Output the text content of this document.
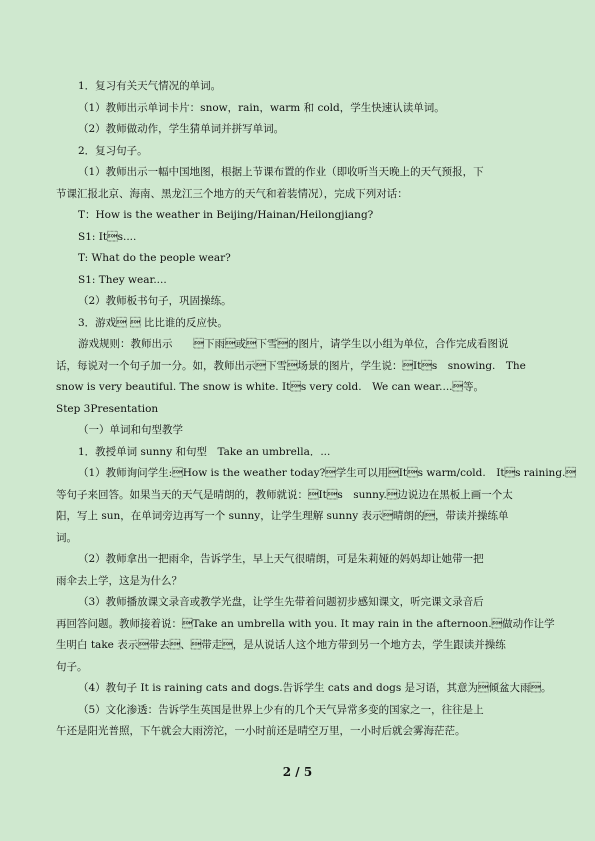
1．复习有关天气情况的单词。

（1）教师出示单词卡片：snow，rain，warm 和 cold，学生快速认读单词。

（2）教师做动作，学生猜单词并拼写单词。

2．复习句子。

（1）教师出示一幅中国地图，根据上节课布置的作业（即收听当天晚上的天气预报，下

节课汇报北京、海南、黑龙江三个地方的天气和着装情况），完成下列对话：

T：How is the weather in Beijing/Hainan/Heilongjiang?

S1: Its....

T: What do the people wear?

S1: They wear....

（2）教师板书句子，巩固操练。

3．游戏  比比谁的反应快。

游戏规则：教师出示　　下雨或下雪的图片，请学生以小组为单位，合作完成看图说

话，每说对一个句子加一分。如，教师出示下雪场景的图片，学生说：Its　snowing.　The

snow is very beautiful. The snow is white. Its very cold.　We can wear....等。

Step 3Presentation

（一）单词和句型教学

1．教授单词 sunny 和句型　Take an umbrella．...

（1）教师询问学生:How is the weather today?学生可以用Its warm/cold.　Its raining.

等句子来回答。如果当天的天气是晴朗的，教师就说：Its　sunny.边说边在黑板上画一个太

阳，写上 sun，在单词旁边再写一个 sunny，让学生理解 sunny 表示晴朗的，带读并操练单

词。

（2）教师拿出一把雨伞，告诉学生，早上天气很晴朗，可是朱莉娅的妈妈却让她带一把

雨伞去上学，这是为什么？

（3）教师播放课文录音或教学光盘，让学生先带着问题初步感知课文，听完课文录音后

再回答问题。教师接着说：Take an umbrella with you. It may rain in the afternoon.做动作让学

生明白 take 表示带去、带走，是从说话人这个地方带到另一个地方去，学生跟读并操练

句子。

（4）教句子 It is raining cats and dogs.告诉学生 cats and dogs 是习语，其意为倾盆大雨。

（5）文化渗透：告诉学生英国是世界上少有的几个天气异常多变的国家之一，往往是上

午还是阳光普照，下午就会大雨滂沱，一小时前还是晴空万里，一小时后就会雾海茫茫。

2 / 5
